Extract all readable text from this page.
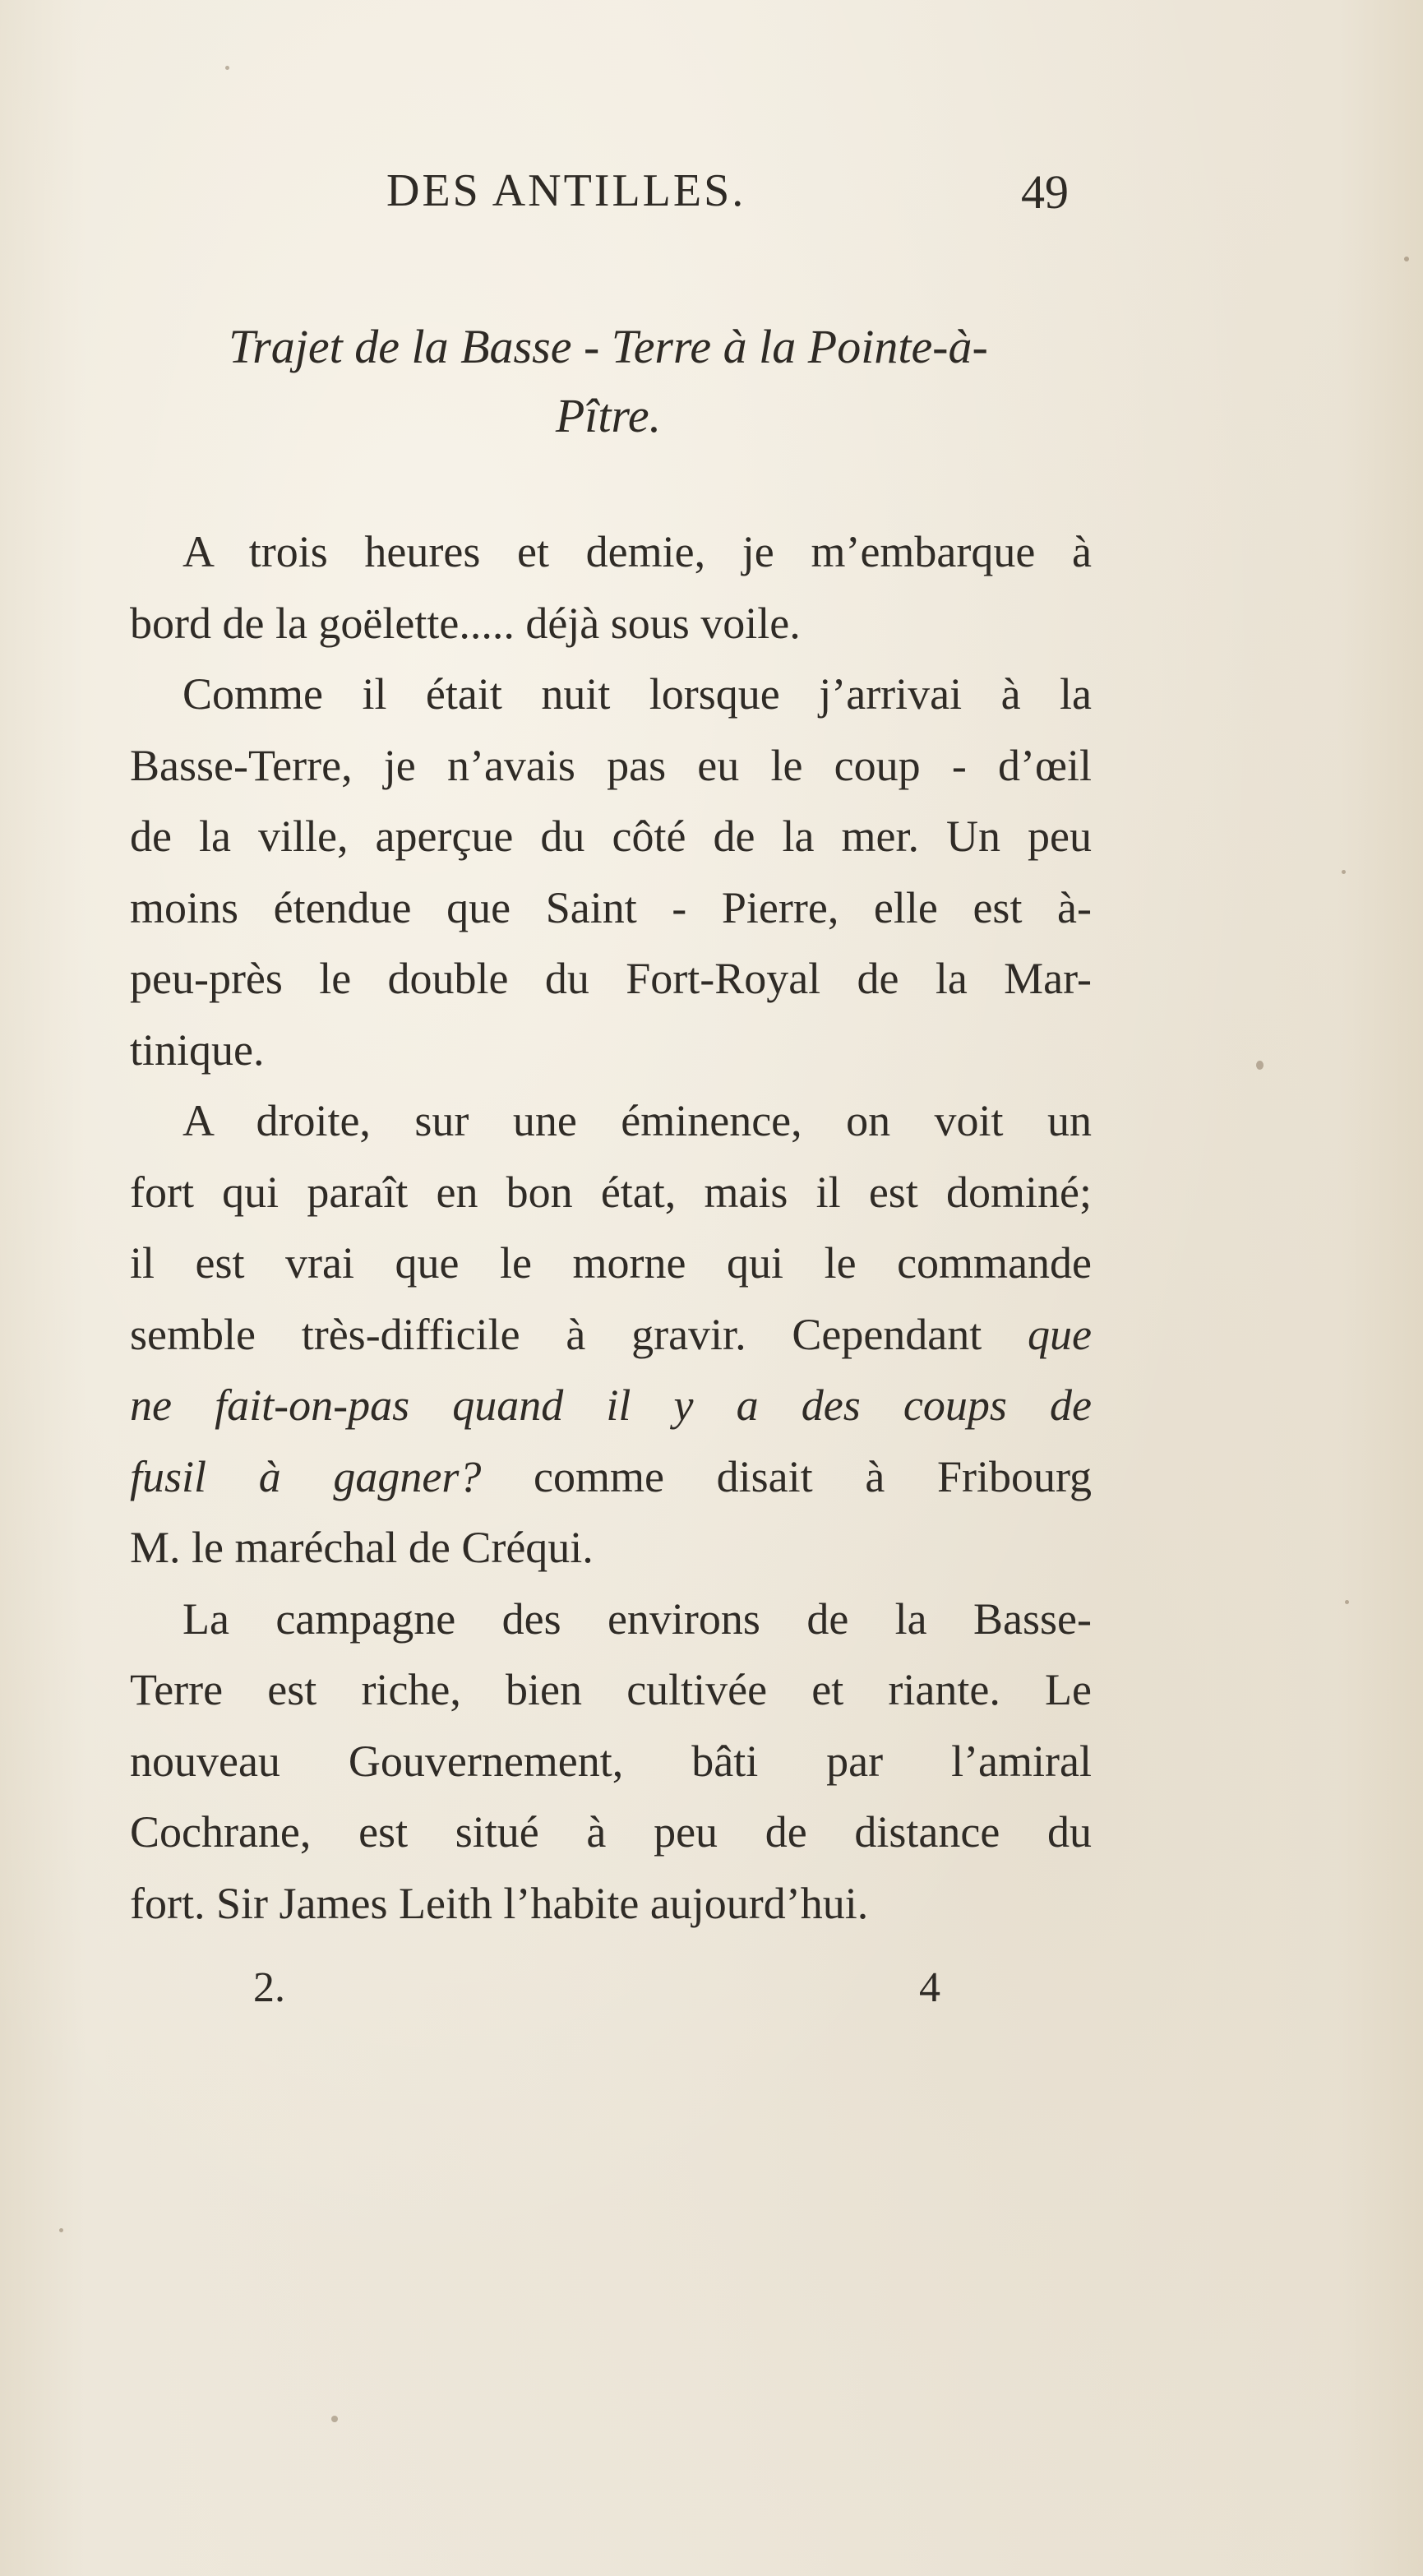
DES ANTILLES.	49
Trajet de la Basse - Terre à la Pointe-à-
Pître.
A trois heures et demie, je m’embarque à
bord de la goëlette..... déjà sous voile.
Comme il était nuit lorsque j’arrivai à la
Basse-Terre, je n’avais pas eu le coup - d’œil
de la ville, aperçue du côté de la mer. Un peu
moins étendue que Saint - Pierre, elle est à-
peu-près le double du Fort-Royal de la Mar-
tinique.
A droite, sur une éminence, on voit un
fort qui paraît en bon état, mais il est dominé;
il est vrai que le morne qui le commande
semble très-difficile à gravir. Cependant que
ne fait-on-pas quand il y a des coups de
fusil à gagner? comme disait à Fribourg
M. le maréchal de Créqui.
La campagne des environs de la Basse-
Terre est riche, bien cultivée et riante. Le
nouveau Gouvernement, bâti par l’amiral
Cochrane, est situé à peu de distance du
fort. Sir James Leith l’habite aujourd’hui.
2.	4
